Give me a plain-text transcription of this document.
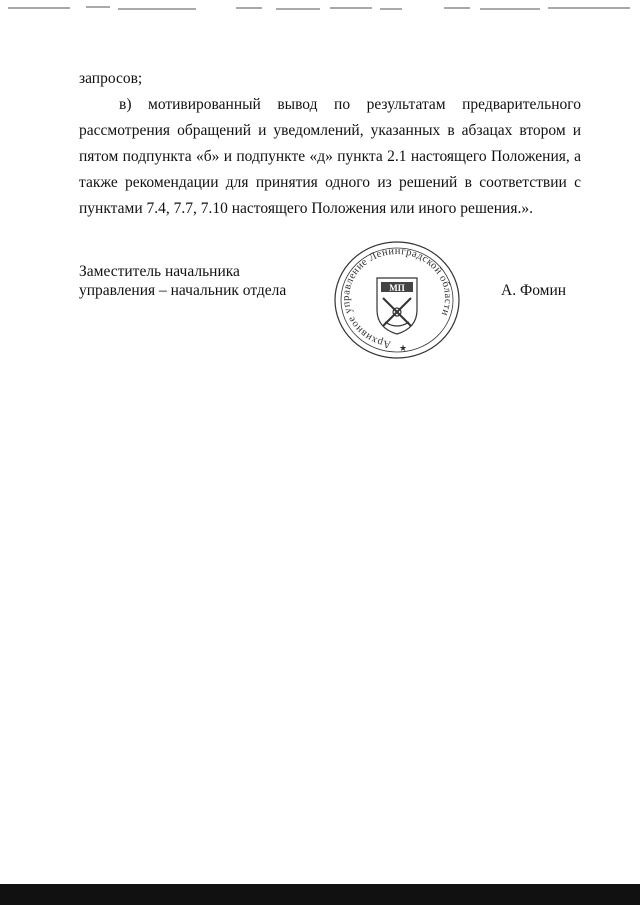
запросов;

в) мотивированный вывод по результатам предварительного рассмотрения обращений и уведомлений, указанных в абзацах втором и пятом подпункта «б» и подпункте «д» пункта 2.1 настоящего Положения, а также рекомендации для принятия одного из решений в соответствии с пунктами 7.4, 7.7, 7.10 настоящего Положения или иного решения.».

Заместитель начальника
управления – начальник отдела
Архивное управление Ленинградской области
МП
★
А. Фомин
